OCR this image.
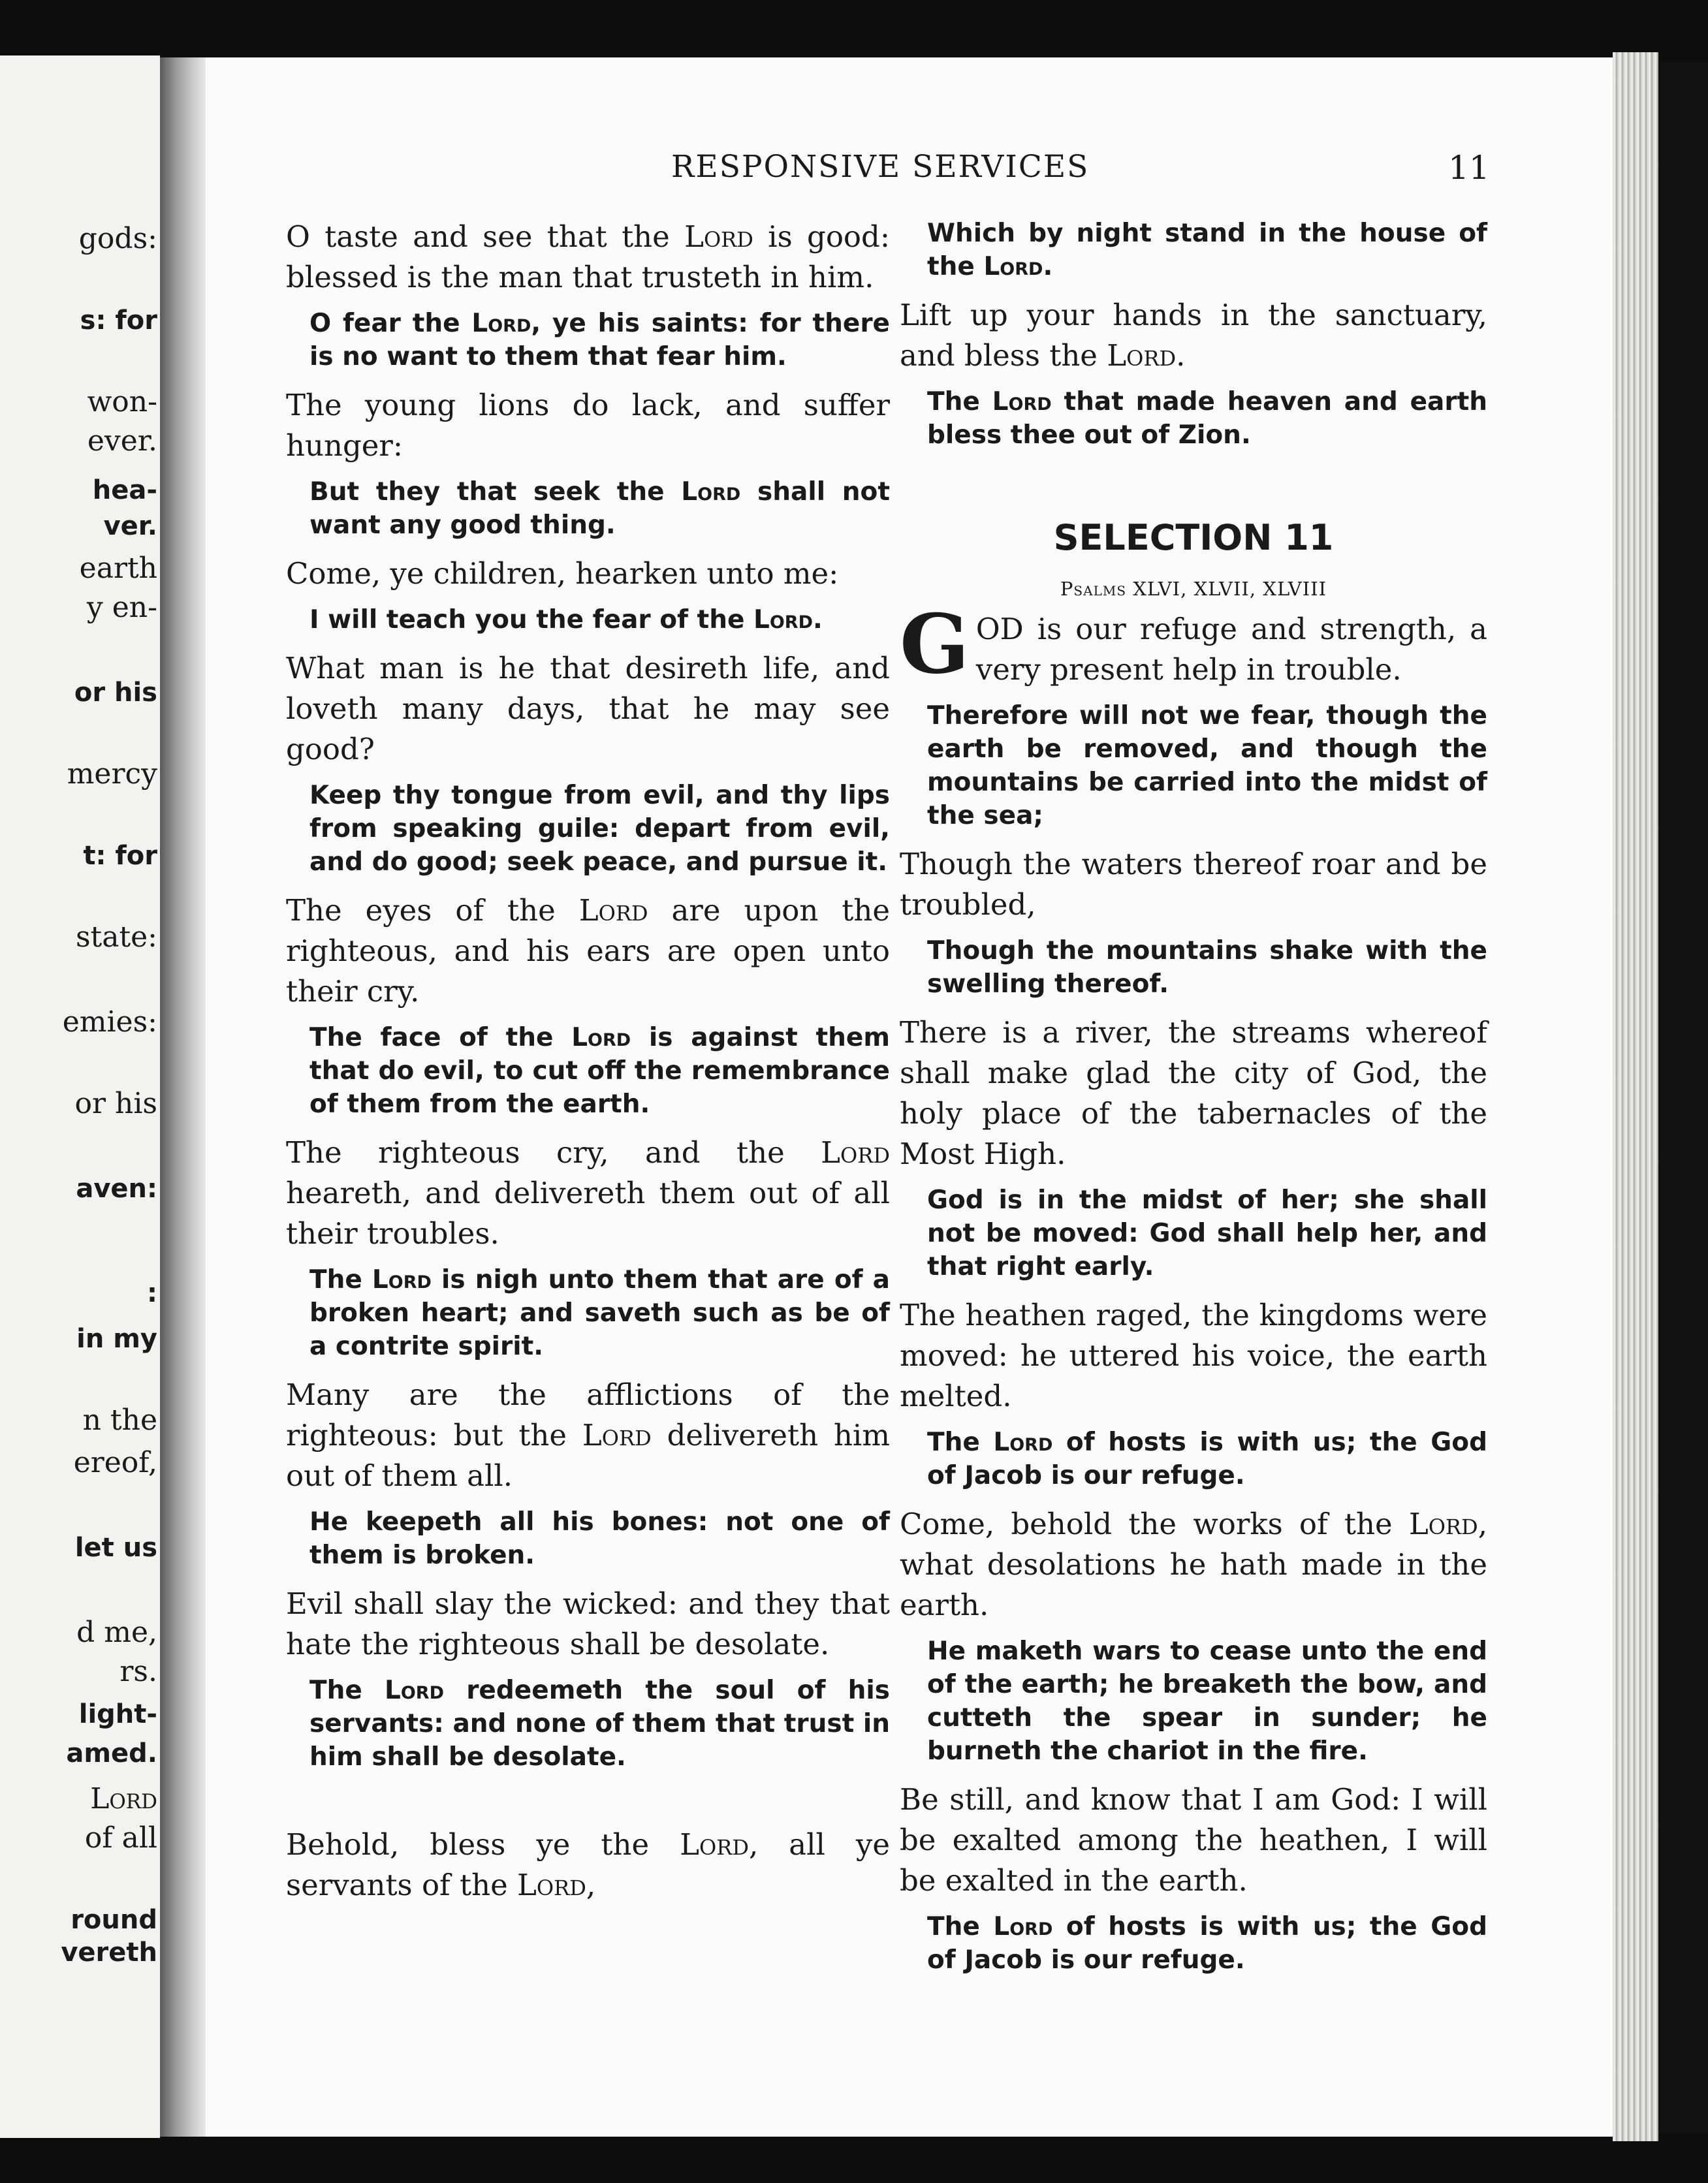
gods:
s: for
won-
ever.
hea-
ver.
earth
y en-
or his
mercy
t: for
state:
emies:
or his
aven:
:
in my
n the
ereof,
let us
d me,
rs.
light-
amed.
Lord
of all
round
vereth
RESPONSIVE SERVICES	11

O taste and see that the Lord is good: blessed is the man that trusteth in him.

O fear the Lord, ye his saints: for there is no want to them that fear him.

The young lions do lack, and suffer hunger:

But they that seek the Lord shall not want any good thing.

Come, ye children, hearken unto me:

I will teach you the fear of the Lord.

What man is he that desireth life, and loveth many days, that he may see good?

Keep thy tongue from evil, and thy lips from speaking guile: depart from evil, and do good; seek peace, and pursue it.

The eyes of the Lord are upon the righteous, and his ears are open unto their cry.

The face of the Lord is against them that do evil, to cut off the remembrance of them from the earth.

The righteous cry, and the Lord heareth, and delivereth them out of all their troubles.

The Lord is nigh unto them that are of a broken heart; and saveth such as be of a contrite spirit.

Many are the afflictions of the righteous: but the Lord delivereth him out of them all.

He keepeth all his bones: not one of them is broken.

Evil shall slay the wicked: and they that hate the righteous shall be desolate.

The Lord redeemeth the soul of his servants: and none of them that trust in him shall be desolate.

Behold, bless ye the Lord, all ye servants of the Lord,

Which by night stand in the house of the Lord.

Lift up your hands in the sanctuary, and bless the Lord.

The Lord that made heaven and earth bless thee out of Zion.

SELECTION 11
Psalms XLVI, XLVII, XLVIII

GOD is our refuge and strength, a very present help in trouble.

Therefore will not we fear, though the earth be removed, and though the mountains be carried into the midst of the sea;

Though the waters thereof roar and be troubled,

Though the mountains shake with the swelling thereof.

There is a river, the streams whereof shall make glad the city of God, the holy place of the tabernacles of the Most High.

God is in the midst of her; she shall not be moved: God shall help her, and that right early.

The heathen raged, the kingdoms were moved: he uttered his voice, the earth melted.

The Lord of hosts is with us; the God of Jacob is our refuge.

Come, behold the works of the Lord, what desolations he hath made in the earth.

He maketh wars to cease unto the end of the earth; he breaketh the bow, and cutteth the spear in sunder; he burneth the chariot in the fire.

Be still, and know that I am God: I will be exalted among the heathen, I will be exalted in the earth.

The Lord of hosts is with us; the God of Jacob is our refuge.
